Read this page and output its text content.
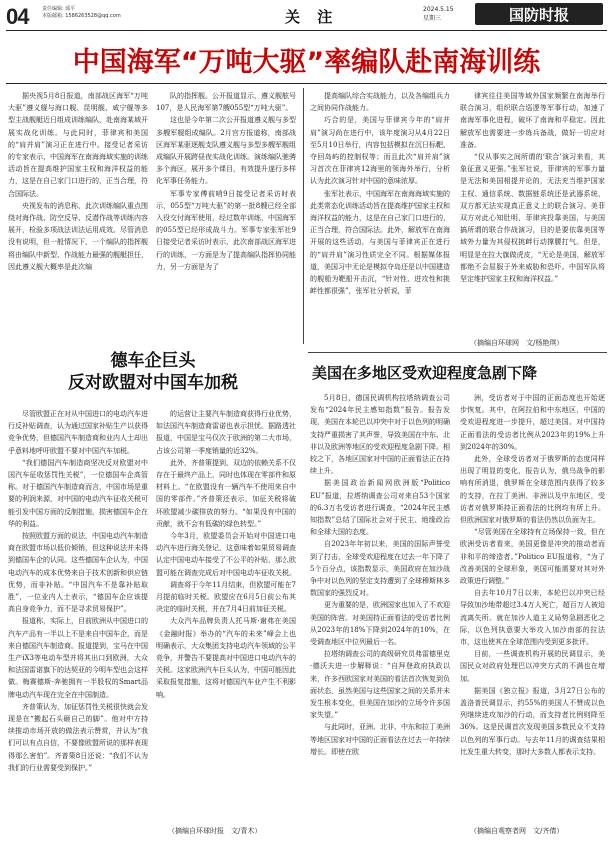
04	责任编辑: 邱平
本版邮箱: 1586263528@qq.com	关 注	2024.5.15
星期三	国防时报
中国海军“万吨大驱”率编队赴南海训练

据央视5月8日报道，南部战区海军“万吨大驱”遵义舰与海口舰、昆明舰、咸宁舰等多型主战舰艇近日组成训练编队，赴南海某域开展实战化训练。与此同时，菲律宾和美国的“肩并肩”演习正在进行中。接受记者采访的专家表示，中国海军在南海海域实施的训练活动旨在提高维护国家主权和海洋权益的能力，这是在自己家门口进行的，正当合理，符合国际法。

央视发布的消息称，此次训练编队重点围绕对海作战、防空反导、反潜作战等训练内容展开，检验多项战法训法运用成效。尽管消息没有说明，但一般情况下，一个编队的指挥舰将由编队中新型、作战能力最强的舰艇担任，因此遵义舰大概率是此次编

队的指挥舰。公开报道显示，遵义舰舷号107，是人民海军第7艘055型“万吨大驱”。

这也是今年第二次公开报道遵义舰与多型多艘军舰组成编队。2月官方报道称，南部战区海军某驱逐舰支队遵义舰与多型多艘军舰组成编队开展跨昼夜实战化训练。演练编队驰骋多个海区，展开多个课目，有效提升遂行多样化军事任务能力。

军事专家傅前哨9日接受记者采访时表示，055型“万吨大驱”的第一批8艘已经全部入役交付海军使用，经过数年训练，中国海军的055型已经形成战斗力。军事专家张军社9日接受记者采访时表示，此次南部战区海军进行的训练，一方面是为了提高编队指挥协同能力，另一方面是为了

提高编队综合实战能力，以及各编组兵力之间协同作战能力。

巧合的是，美国与菲律宾今年的“肩并肩”演习尚在进行中，该年度演习从4月22日至5月10日举行，内容包括模拟在沉日标靶、夺回岛屿的控制权等；而且此次“肩并肩”演习首次在菲律宾12海里的领海外举行，分析认为此次演习针对中国的意味浓厚。

张军社表示，中国海军在南海海域实施的此类常态化训练活动旨在提高维护国家主权和海洋权益的能力，这是在自己家门口进行的，正当合理，符合国际法。此外，解放军在南海开展的这些活动，与美国与菲律宾正在进行的“肩并肩”演习性质完全不同。根据媒体报道，美国习中无论是模拟夺岛还是以中国建造的舰船为靶船开击沉，“针对性、进攻性和挑衅性都很强”，张军社分析说，菲

律宾往往美国等域外国家频繁在南海举行联合演习，组织联合巡逻等军事行动，加速了南海军事化进程，破坏了南海和平稳定。因此解放军也需要进一步练兵备战，做好一切应对准备。

“仅从事实之间所谓的‘联合’演习来看，其象征意义更强。”张军社说，菲律宾的军事力量是无法和美国相提并论的，无法充当维护国家主权、通信系统、数据链系统还是武器系统，双方都无法实现真正意义上的联合演习。美菲双方对此心知肚明，菲律宾投靠美国，与美国搞所谓的联合作战演习，目的是要依靠美国等域外力量为其侵权挑衅行动撑腰打气。但是，明显是在拉大旗做虎皮，“无论是美国，解放军都绝不会屈服于外来威胁和恐吓。中国军队将坚定维护国家主权和海洋权益。”

（摘编自环球网　文/杨艳琪）
德车企巨头
反对欧盟对中国车加税

尽管欧盟正在对从中国进口的电动汽车进行反补贴调查，认为通过国家补贴生产以获得竞争优势，但德国汽车制造商和业内人士却出乎意料地呼吁欧盟不要对中国汽车加税。

“我们德国汽车制造商坚决反对欧盟对中国汽车征收惩罚性关税”，一位德国车企高管称。对于德国汽车制造商而言，中国市场是重要的利润来源，对中国的电动汽车征收关税可能引发中国方面的反制措施，损害德国车企在华的利益。

按照欧盟方面的说法，中国电动汽车制造商在欧盟市场以低价倾销，但这种说法并未得到德国车企的认同。这些德国车企认为，中国电动汽车的成本优势来自于技术创新和供应链优势，而非补贴。“中国汽车不是靠补贴取胜”，一位业内人士表示，“德国车企应该提高自身竞争力，而不是寻求贸易保护”。

报道称，实际上，目前欧洲从中国进口的汽车产品有一半以上不是来自中国车企，而是来自德国汽车制造商。报道提到，宝马在中国生产iX3等电动车型并将其出口到欧洲，大众和法国雷诺旗下的达契亚的今明车型也会这样做。梅赛德斯-奔驰拥有一半股权的Smart品牌电动汽车现在完全在中国制造。

齐普策认为，加征惩罚性关税很快就会发现是在“搬起石头砸自己的脚”。他对中方持续推动市场开放的做法表示赞赏，并认为“我们可以有点自信，不要像欧盟所说的那样表现得那么害怕”。齐普策8日还说：“我们不认为我们的行业需要受到保护。”

的运营让主要汽车制造商获得行业优势，如法国汽车制造商雷诺也表示担忧。据路透社报道，中国是宝马仅次于欧洲的第二大市场，占该公司第一季度销量的近32%。

此外，齐普策提到，双边的依赖关系不仅存在于最终产品上，同时也体现在零部件和原材料上。“在欧盟没有一辆汽车不使用来自中国的零部件。”齐普策还表示，加征关税将破坏欧盟减少碳排放的努力。“如果没有中国的贡献，就不会有低碳的绿色转型。”

今年3月，欧盟委员会开始对中国进口电动汽车进行海关登记，这意味着如果贸易调查认定中国电动车接受了不公平的补贴，那么欧盟可能在调查完成后对中国电动车征收关税。

调查将于今年11月结束，但欧盟可能在7月提前临时关税。欧盟应在6月5日前公布其决定的临时关税，并在7月4日前加征关税。

大众汽车品牌负责人托马斯·谢弗在美国《金融时报》举办的“汽车的未来”峰会上也明确表示，大众集团支持电动汽车领域的公平竞争，并警告不要提高对中国进口电动汽车的关税。这家欧洲汽车巨头认为，中国可能因此采取报复措施，这将对德国汽车业产生不利影响。

（摘编自环球时报　文/青木）
美国在多地区受欢迎程度急剧下降

5月8日，德国民调机构拉塔纳调查公司发布“2024年民主感知指数”报告。报告发现，美国在本轮巴以冲突中对于以色列的明确支持严重损害了其声誉，导致美国在中东、北非以及欧洲等地区的受欢迎程度急剧下降。相较之下，各地区国家对中国的正面看法正在持续上升。

据美国政治新闻网欧洲版“Politico EU”报道，拉塔纳调查公司对来自53个国家的6.3万名受访者进行调查，“2024年民主感知指数”总结了国际社会对于民主、地缘政治和全球大国的态度。

自2023年年初以来，美国的国际声誉受到了打击，全球受欢迎程度在过去一年下降了5个百分点，该指数显示，美国政府在加沙战争中对以色列的坚定支持遭到了全球穆斯林多数国家的强烈反对。

更为重要的是，欧洲国家也加入了不欢迎美国的阵营。对美国持正面看法的受访者比例从2023年的18%下降到2024年的10%，在受调查地区中位列最后一名。

拉塔纳调查公司的高级研究员弗雷德里克·德沃夫进一步解释说：“自拜登政府执政以来，许多西欧国家对美国的看法首次恢复到负面状态，虽然美国与这些国家之间的关系并未发生根本变化，但美国在加沙的立场令许多国家失望。”

与此同时，亚洲、北非、中东和拉丁美洲等地区国家对中国的正面看法在过去一年持续增长。即使在欧

洲，受访者对于中国的正面态度也开始逐步恢复。其中，在阿拉伯和中东地区，中国的受欢迎程度进一步提升，超过美国。对中国持正面看法的受访者比例从2023年的19%上升到2024年的30%。

此外，全球受访者对于俄罗斯的态度同样出现了明显的变化，报告认为，俄乌战争的影响有所消退，俄罗斯在全球范围内获得了较多的支持，在拉丁美洲、非洲以及中东地区，受访者对俄罗斯持正面看法的比例均有所上升。但欧洲国家对俄罗斯的看法仍然以负面为主。

“尽管美国在全球持有立场保持一致，但在欧洲受访者看来，美国更像是冲突的推动者而非和平的缔造者。”Politico EU报道称，“为了改善美国的全球形象，美国可能需要对其对外政策进行调整。”

自去年10月7日以来，本轮巴以冲突已经导致加沙地带超过3.4万人死亡，超百万人被迫流离失所。就在加沙人道主义局势急剧恶化之际，以色列执意要大举攻入加沙南部的拉法市，这也使其在全球范围内受到更多批评。

目前，一些调查机构开展的民调显示，美国民众对政府处理巴以冲突方式的不满也在增加。

据美国《独立报》报道，3月27日公布的盖洛普民调显示，约55%的美国人不赞成以色列继续进攻加沙的行动，而支持者比例则降至36%。这是民调首次发现美国多数民众不支持以色列的军事行动。与去年11月的调查结果相比发生重大转变，那时大多数人都表示支持。

（摘编自观察者网　文/齐倩）
